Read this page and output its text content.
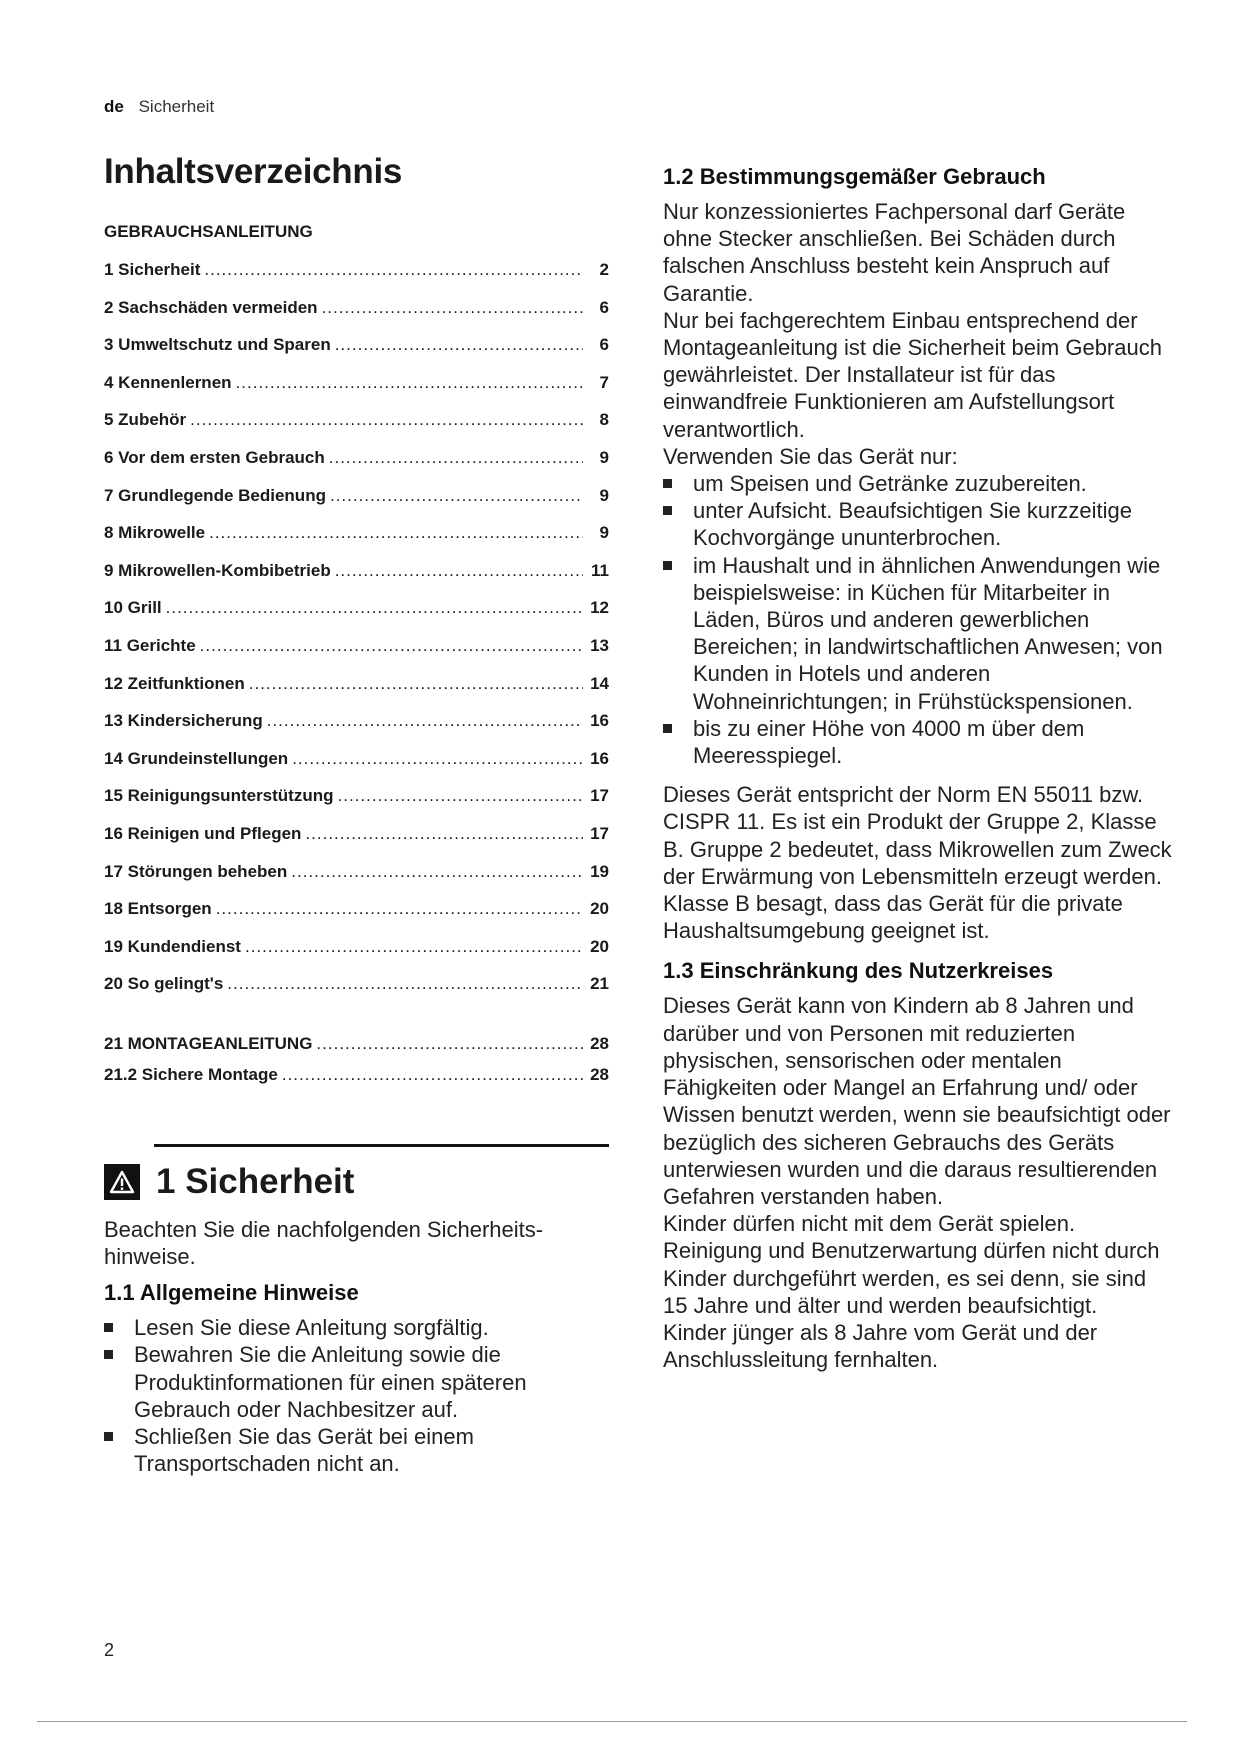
de Sicherheit
Inhaltsverzeichnis
GEBRAUCHSANLEITUNG
1 Sicherheit .....	2
2 Sachschäden vermeiden .....	6
3 Umweltschutz und Sparen .....	6
4 Kennenlernen .....	7
5 Zubehör .....	8
6 Vor dem ersten Gebrauch .....	9
7 Grundlegende Bedienung .....	9
8 Mikrowelle .....	9
9 Mikrowellen-Kombibetrieb .....	11
10 Grill .....	12
11 Gerichte .....	13
12 Zeitfunktionen .....	14
13 Kindersicherung .....	16
14 Grundeinstellungen .....	16
15 Reinigungsunterstützung .....	17
16 Reinigen und Pflegen .....	17
17 Störungen beheben .....	19
18 Entsorgen .....	20
19 Kundendienst .....	20
20 So gelingt's .....	21
21 MONTAGEANLEITUNG .....	28
21.2 Sichere Montage .....	28
1 Sicherheit

Beachten Sie die nachfolgenden Sicherheitshinweise.

1.1 Allgemeine Hinweise
Lesen Sie diese Anleitung sorgfältig.
Bewahren Sie die Anleitung sowie die Produktinformationen für einen späteren Gebrauch oder Nachbesitzer auf.
Schließen Sie das Gerät bei einem Transportschaden nicht an.
1.2 Bestimmungsgemäßer Gebrauch

Nur konzessioniertes Fachpersonal darf Geräte ohne Stecker anschließen. Bei Schäden durch falschen Anschluss besteht kein Anspruch auf Garantie.

Nur bei fachgerechtem Einbau entsprechend der Montageanleitung ist die Sicherheit beim Gebrauch gewährleistet. Der Installateur ist für das einwandfreie Funktionieren am Aufstellungsort verantwortlich.

Verwenden Sie das Gerät nur:

um Speisen und Getränke zuzubereiten.
unter Aufsicht. Beaufsichtigen Sie kurzzeitige Kochvorgänge ununterbrochen.
im Haushalt und in ähnlichen Anwendungen wie beispielsweise: in Küchen für Mitarbeiter in Läden, Büros und anderen gewerblichen Bereichen; in landwirtschaftlichen Anwesen; von Kunden in Hotels und anderen Wohneinrichtungen; in Frühstückspensionen.
bis zu einer Höhe von 4000 m über dem Meeresspiegel.

Dieses Gerät entspricht der Norm EN 55011 bzw. CISPR 11. Es ist ein Produkt der Gruppe 2, Klasse B. Gruppe 2 bedeutet, dass Mikrowellen zum Zweck der Erwärmung von Lebensmitteln erzeugt werden. Klasse B besagt, dass das Gerät für die private Haushaltsumgebung geeignet ist.

1.3 Einschränkung des Nutzerkreises

Dieses Gerät kann von Kindern ab 8 Jahren und darüber und von Personen mit reduzierten physischen, sensorischen oder mentalen Fähigkeiten oder Mangel an Erfahrung und/ oder Wissen benutzt werden, wenn sie beaufsichtigt oder bezüglich des sicheren Gebrauchs des Geräts unterwiesen wurden und die daraus resultierenden Gefahren verstanden haben.

Kinder dürfen nicht mit dem Gerät spielen.

Reinigung und Benutzerwartung dürfen nicht durch Kinder durchgeführt werden, es sei denn, sie sind 15 Jahre und älter und werden beaufsichtigt.

Kinder jünger als 8 Jahre vom Gerät und der Anschlussleitung fernhalten.

2
